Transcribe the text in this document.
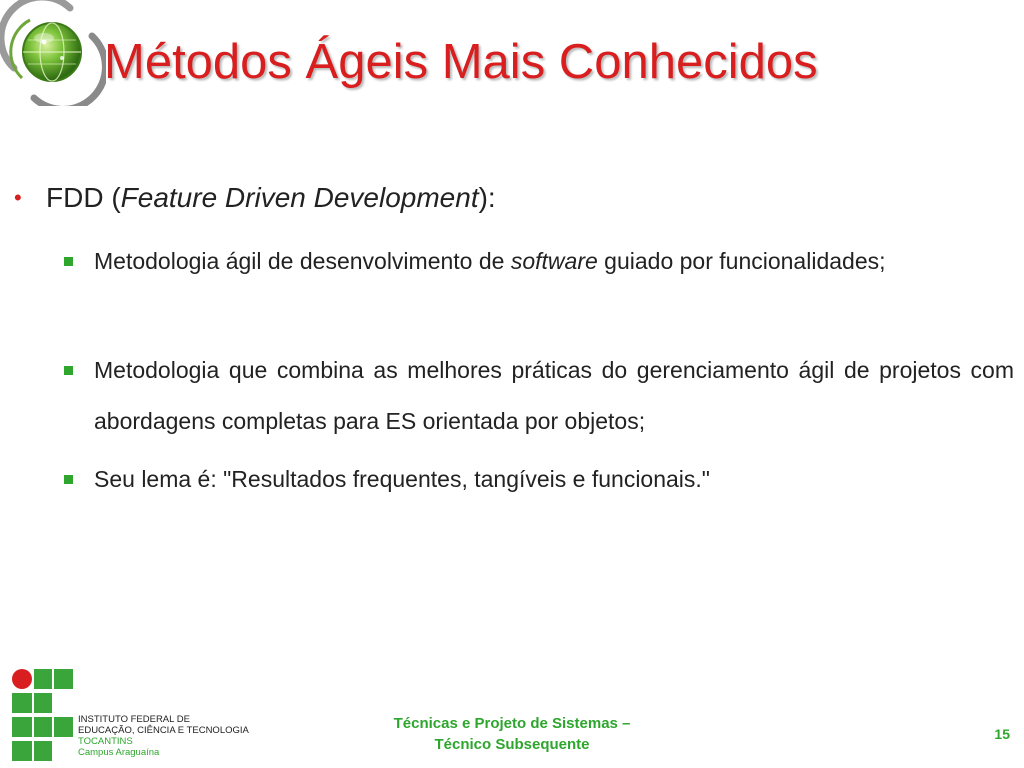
Métodos Ágeis Mais Conhecidos
• FDD (Feature Driven Development):
Metodologia ágil de desenvolvimento de software guiado por funcionalidades;
Metodologia que combina as melhores práticas do gerenciamento ágil de projetos com abordagens completas para ES orientada por objetos;
Seu lema é: "Resultados frequentes, tangíveis e funcionais."
INSTITUTO FEDERAL DE
EDUCAÇÃO, CIÊNCIA E TECNOLOGIA
TOCANTINS
Campus Araguaína
Técnicas e Projeto de Sistemas –
Técnico Subsequente
15
